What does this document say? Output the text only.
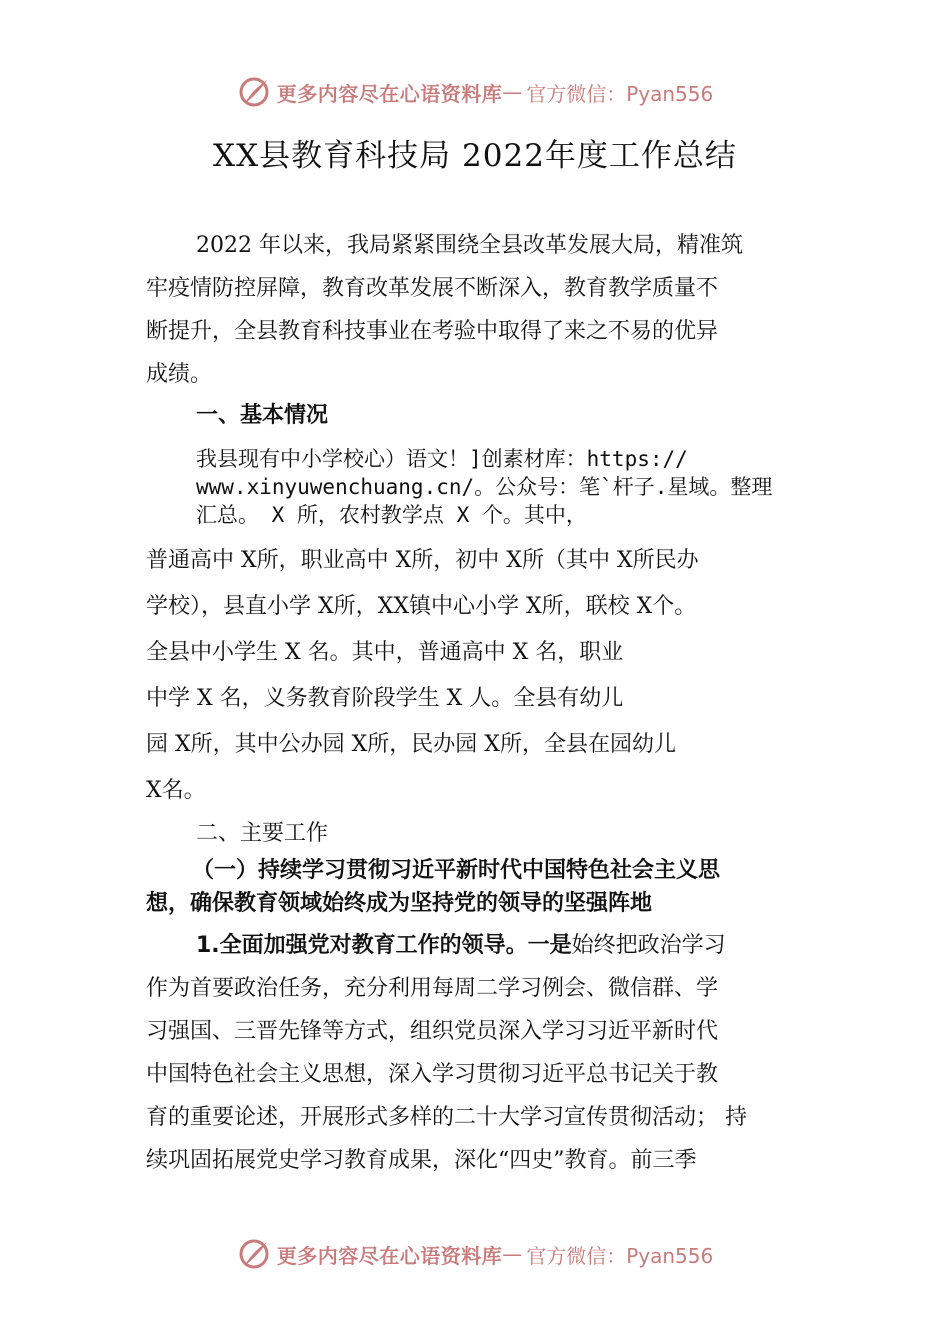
更多内容尽在心语资料库 — 官方微信：Pyan556
XX县教育科技局 2022年度工作总结
2022 年以来，我局紧紧围绕全县改革发展大局，精准筑
牢疫情防控屏障，教育改革发展不断深入，教育教学质量不
断提升，全县教育科技事业在考验中取得了来之不易的优异
成绩。
一、基本情况
我县现有中小学校心）语文！]创素材库：https://
www.xinyuwenchuang.cn/。公众号：笔`杆子.星域。整理
汇总。 X 所，农村教学点 X 个。其中，
普通高中 X所，职业高中 X所，初中 X所（其中 X所民办
学校），县直小学 X所，XX镇中心小学 X所，联校 X个。
全县中小学生 X 名。其中，普通高中 X 名，职业
中学 X 名，义务教育阶段学生 X 人。全县有幼儿
园 X所，其中公办园 X所，民办园 X所，全县在园幼儿
X名。
二、主要工作
（一）持续学习贯彻习近平新时代中国特色社会主义思
想，确保教育领域始终成为坚持党的领导的坚强阵地
1.全面加强党对教育工作的领导。一是始终把政治学习
作为首要政治任务，充分利用每周二学习例会、微信群、学
习强国、三晋先锋等方式，组织党员深入学习习近平新时代
中国特色社会主义思想，深入学习贯彻习近平总书记关于教
育的重要论述，开展形式多样的二十大学习宣传贯彻活动； 持
续巩固拓展党史学习教育成果，深化“四史”教育。前三季
更多内容尽在心语资料库 — 官方微信：Pyan556
